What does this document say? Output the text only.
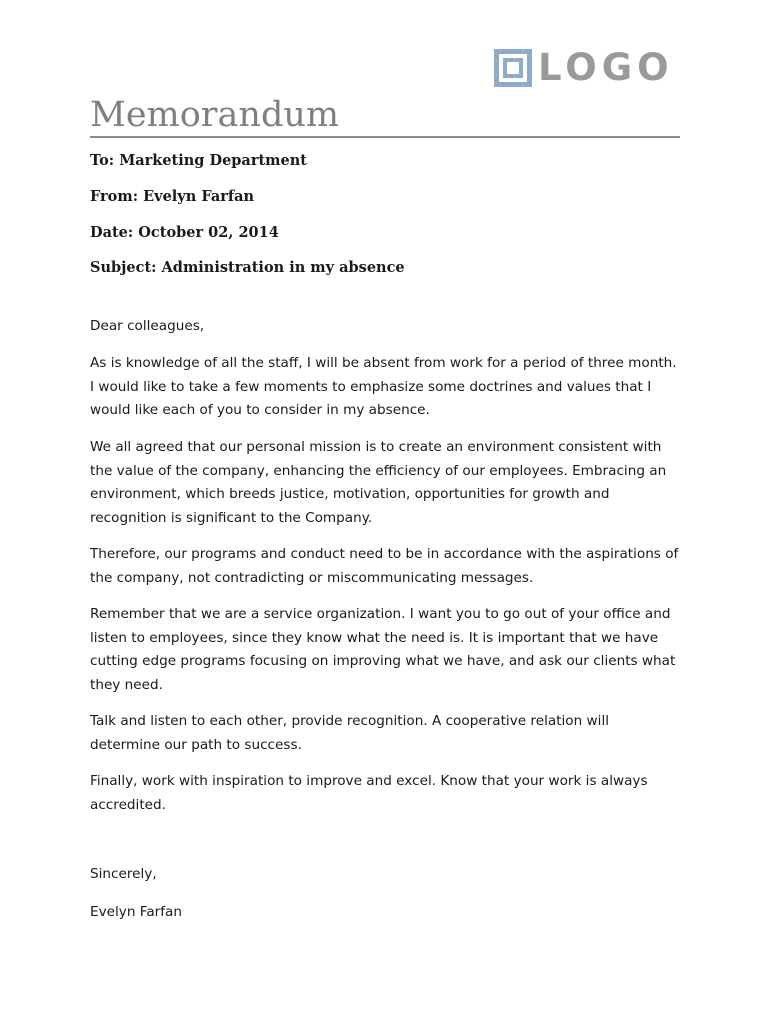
LOGO
Memorandum
To: Marketing Department
From: Evelyn Farfan
Date: October 02, 2014
Subject: Administration in my absence

Dear colleagues,

As is knowledge of all the staff, I will be absent from work for a period of three month. I would like to take a few moments to emphasize some doctrines and values that I would like each of you to consider in my absence.

We all agreed that our personal mission is to create an environment consistent with the value of the company, enhancing the efficiency of our employees. Embracing an environment, which breeds justice, motivation, opportunities for growth and recognition is significant to the Company.

Therefore, our programs and conduct need to be in accordance with the aspirations of the company, not contradicting or miscommunicating messages.

Remember that we are a service organization. I want you to go out of your office and listen to employees, since they know what the need is. It is important that we have cutting edge programs focusing on improving what we have, and ask our clients what they need.

Talk and listen to each other, provide recognition. A cooperative relation will determine our path to success.

Finally, work with inspiration to improve and excel. Know that your work is always accredited.

Sincerely,

Evelyn Farfan
